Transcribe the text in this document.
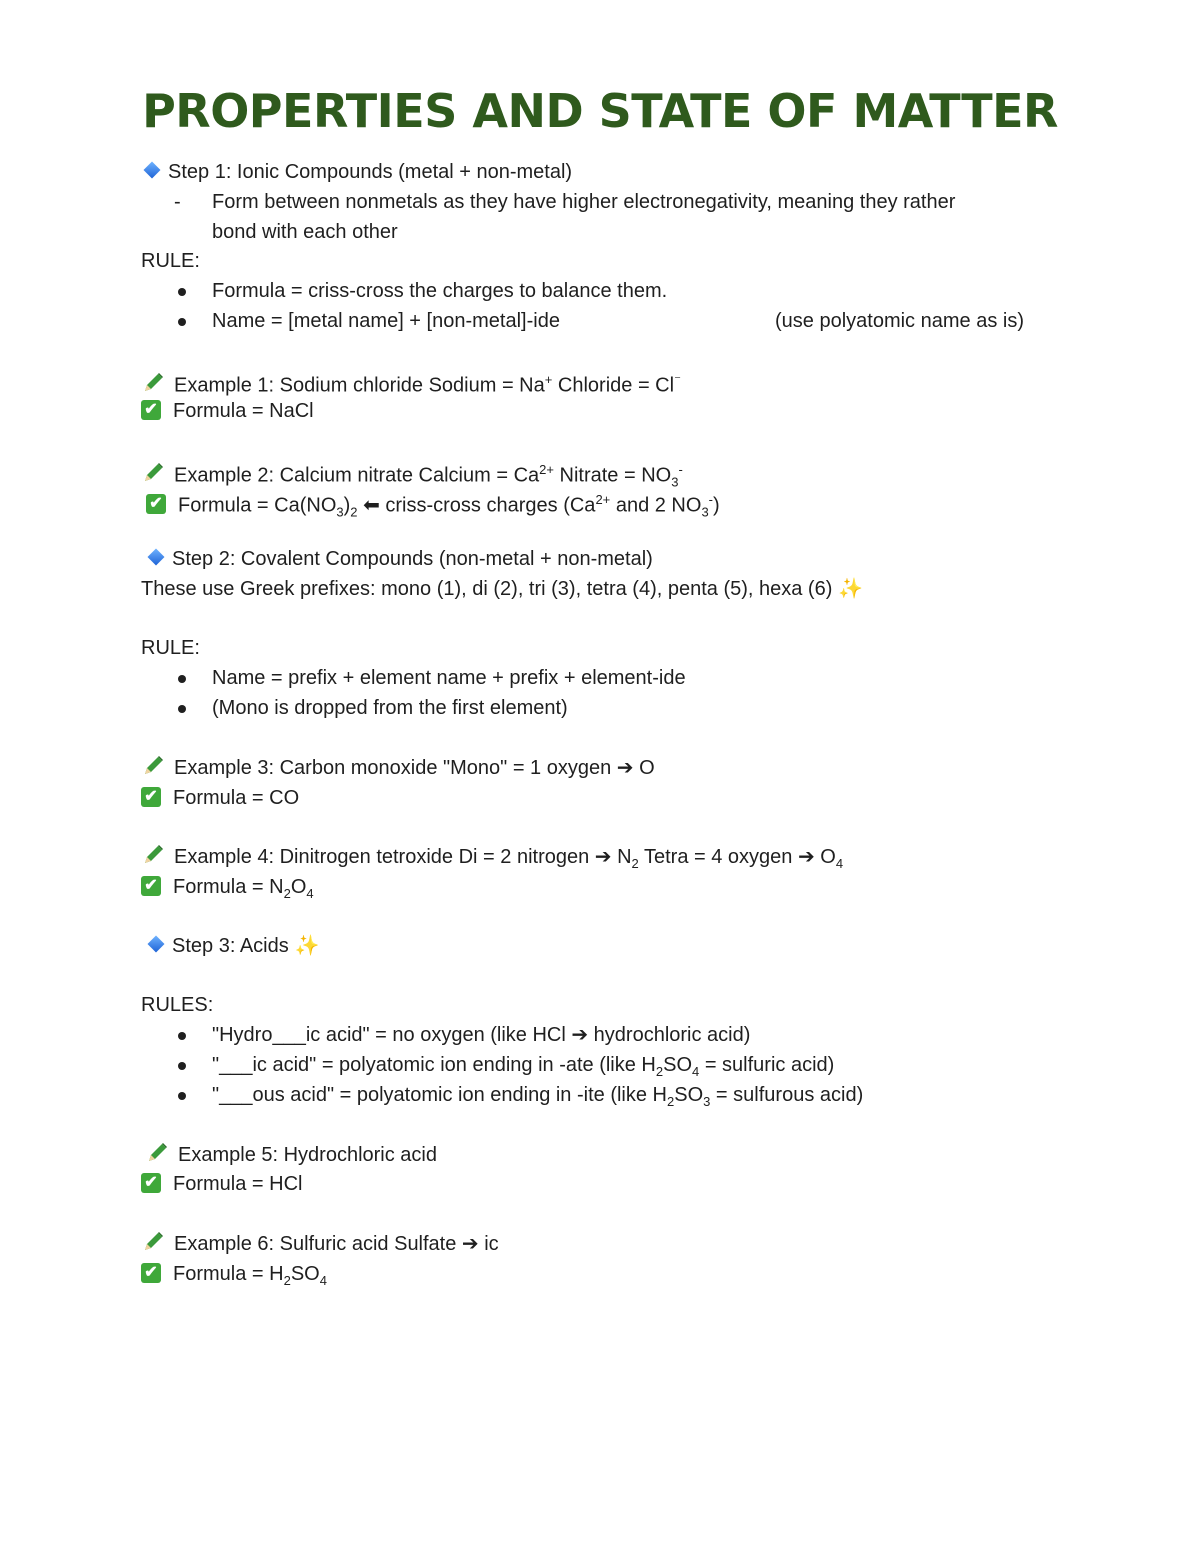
PROPERTIES AND STATE OF MATTER
Step 1: Ionic Compounds (metal + non-metal)
- Form between nonmetals as they have higher electronegativity, meaning they rather
bond with each other
RULE:
Formula = criss-cross the charges to balance them.
Name = [metal name] + [non-metal]-ide	(use polyatomic name as is)
Example 1: Sodium chloride Sodium = Na+ Chloride = Cl⁻
✔ Formula = NaCl
Example 2: Calcium nitrate Calcium = $Ca^{2+}$ Nitrate = $NO_3^-$
✔ Formula = $Ca(NO_3)_2$ ⬅ criss-cross charges ($Ca^{2+}$ and 2 $NO_3^-$)
Step 2: Covalent Compounds (non-metal + non-metal)
These use Greek prefixes: mono (1), di (2), tri (3), tetra (4), penta (5), hexa (6) ✨
RULE:
Name = prefix + element name + prefix + element-ide
(Mono is dropped from the first element)
Example 3: Carbon monoxide "Mono" = 1 oxygen ➔ O
✔ Formula = CO
Example 4: Dinitrogen tetroxide Di = 2 nitrogen ➔ $N_2$ Tetra = 4 oxygen ➔ $O_4$
✔ Formula = $N_2O_4$
Step 3: Acids ✨
RULES:
"Hydro___ic acid" = no oxygen (like HCl ➔ hydrochloric acid)
"___ic acid" = polyatomic ion ending in -ate (like $H_2SO_4$ = sulfuric acid)
"___ous acid" = polyatomic ion ending in -ite (like $H_2SO_3$ = sulfurous acid)
Example 5: Hydrochloric acid
✔ Formula = HCl
Example 6: Sulfuric acid Sulfate ➔ ic
✔ Formula = $H_2SO_4$
